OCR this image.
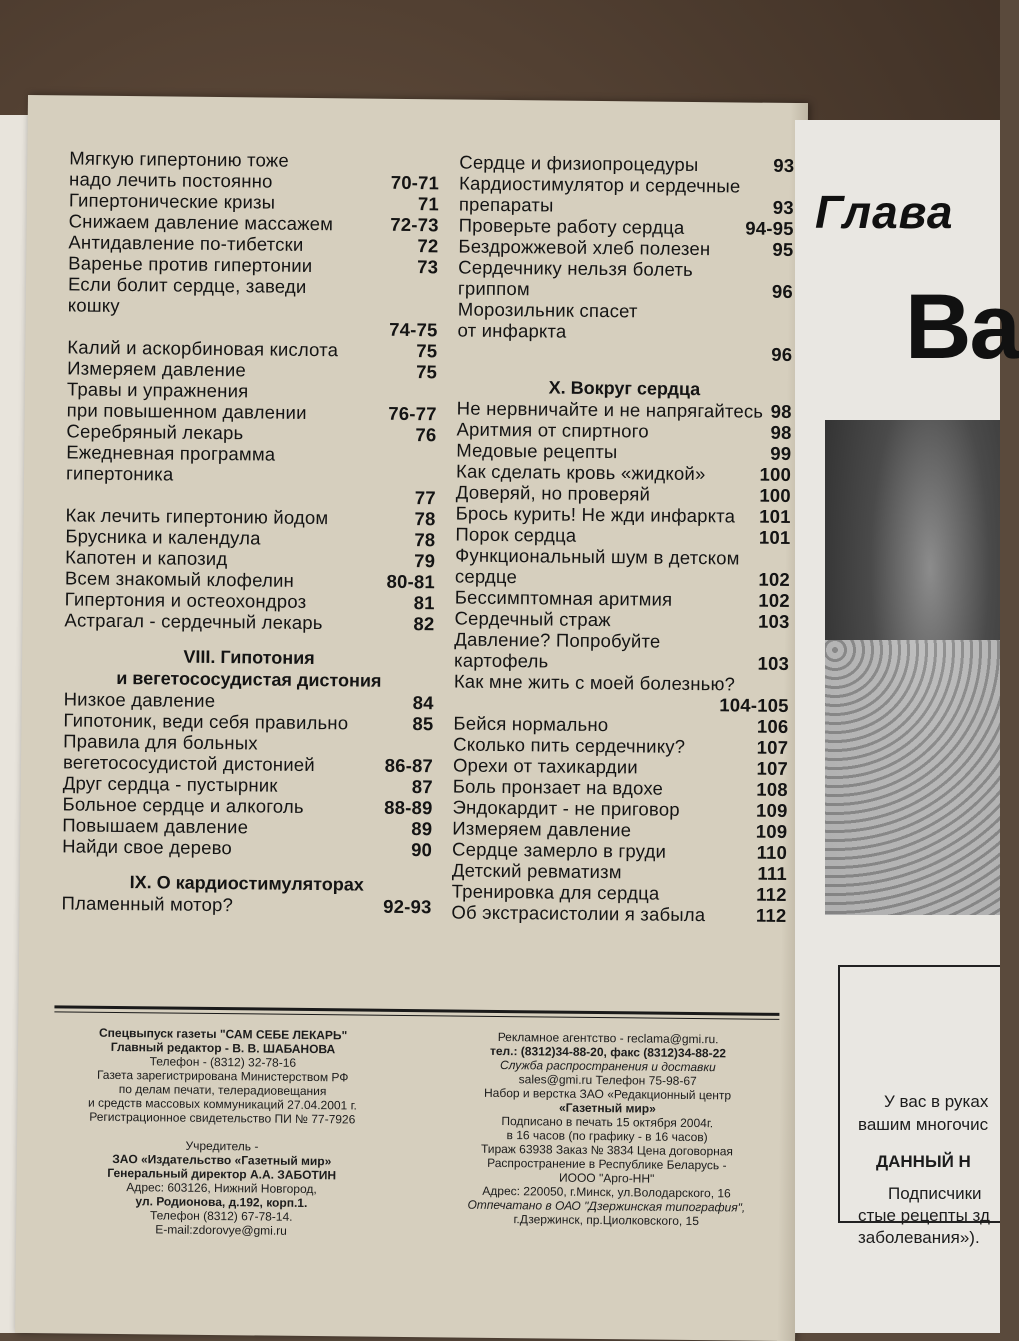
Мягкую гипертонию тоже
надо лечить постоянно	70-71
Гипертонические кризы	71
Снижаем давление массажем	72-73
Антидавление по-тибетски	72
Варенье против гипертонии	73
Если болит сердце, заведи
кошку
74-75
Калий и аскорбиновая кислота	75
Измеряем давление	75
Травы и упражнения
при повышенном давлении	76-77
Серебряный лекарь	76
Ежедневная программа
гипертоника
77
Как лечить гипертонию йодом	78
Брусника и календула	78
Капотен и капозид	79
Всем знакомый клофелин	80-81
Гипертония и остеохондроз	81
Астрагал - сердечный лекарь	82
VIII. Гипотония
и вегетососудистая дистония
Низкое давление	84
Гипотоник, веди себя правильно	85
Правила для больных
вегетососудистой дистонией	86-87
Друг сердца - пустырник	87
Больное сердце и алкоголь	88-89
Повышаем давление	89
Найди свое дерево	90
IX. О кардиостимуляторах
Пламенный мотор?	92-93
Сердце и физиопроцедуры	93
Кардиостимулятор и сердечные
препараты	93
Проверьте работу сердца	94-95
Бездрожжевой хлеб полезен	95
Сердечнику нельзя болеть гриппом	96
Морозильник спасет
от инфаркта
96
X. Вокруг сердца
Не нервничайте и не напрягайтесь 98
Аритмия от спиртного	98
Медовые рецепты	99
Как сделать кровь «жидкой»	100
Доверяй, но проверяй	100
Брось курить! Не жди инфаркта	101
Порок сердца	101
Функциональный шум в детском
сердце	102
Бессимптомная аритмия	102
Сердечный страж	103
Давление? Попробуйте
картофель	103
Как мне жить с моей болезнью?
104-105
Бейся нормально	106
Сколько пить сердечнику?	107
Орехи от тахикардии	107
Боль пронзает на вдохе	108
Эндокардит - не приговор	109
Измеряем давление	109
Сердце замерло в груди	110
Детский ревматизм	111
Тренировка для сердца	112
Об экстрасистолии я забыла	112
Спецвыпуск газеты "САМ СЕБЕ ЛЕКАРЬ"
Главный редактор - В. В. ШАБАНОВА
Телефон - (8312) 32-78-16
Газета зарегистрирована Министерством РФ
по делам печати, телерадиовещания
и средств массовых коммуникаций 27.04.2001 г.
Регистрационное свидетельство ПИ № 77-7926
Учредитель -
ЗАО «Издательство «Газетный мир»
Генеральный директор А.А. ЗАБОТИН
Адрес: 603126, Нижний Новгород,
ул. Родионова, д.192, корп.1.
Телефон (8312) 67-78-14.
E-mail:zdorovye@gmi.ru
Рекламное агентство - reclama@gmi.ru.
тел.: (8312)34-88-20, факс (8312)34-88-22
Служба распространения и доставки
sales@gmi.ru Телефон 75-98-67
Набор и верстка ЗАО «Редакционный центр
«Газетный мир»
Подписано в печать 15 октября 2004г.
в 16 часов (по графику - в 16 часов)
Тираж 63938 Заказ № 3834 Цена договорная
Распространение в Республике Беларусь -
ИООО "Арго-НН"
Адрес: 220050, г.Минск, ул.Володарского, 16
Отпечатано в ОАО "Дзержинская типография",
г.Дзержинск, пр.Циолковского, 15
Глава
Ва
У вас в руках
вашим многочис
ДАННЫЙ Н
Подписчики
стые рецепты зд
заболевания»).
